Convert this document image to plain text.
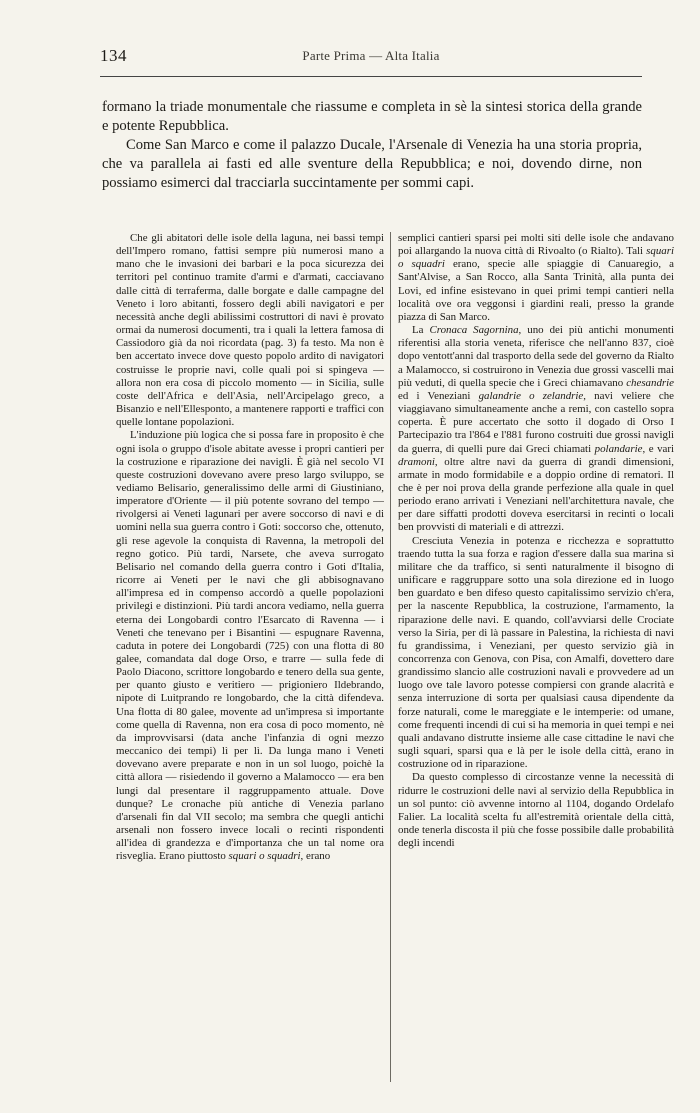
134	Parte Prima — Alta Italia

formano la triade monumentale che riassume e completa in sè la sintesi storica della grande e potente Repubblica.

Come San Marco e come il palazzo Ducale, l'Arsenale di Venezia ha una storia propria, che va parallela ai fasti ed alle sventure della Repubblica; e noi, dovendo dirne, non possiamo esimerci dal tracciarla succintamente per sommi capi.

Che gli abitatori delle isole della laguna, nei bassi tempi dell'Impero romano, fattisi sempre più numerosi mano a mano che le invasioni dei barbari e la poca sicurezza dei territori pel continuo tramite d'armi e d'armati, cacciavano dalle città di terraferma, dalle borgate e dalle campagne del Veneto i loro abitanti, fossero degli abili navigatori e per necessità anche degli abilissimi costruttori di navi è provato ormai da numerosi documenti, tra i quali la lettera famosa di Cassiodoro già da noi ricordata (pag. 3) fa testo. Ma non è ben accertato invece dove questo popolo ardito di navigatori costruisse le proprie navi, colle quali poi si spingeva — allora non era cosa di piccolo momento — in Sicilia, sulle coste dell'Africa e dell'Asia, nell'Arcipelago greco, a Bisanzio e nell'Ellesponto, a mantenere rapporti e traffici con quelle lontane popolazioni.

L'induzione più logica che si possa fare in proposito è che ogni isola o gruppo d'isole abitate avesse i propri cantieri per la costruzione e riparazione dei navigli. È già nel secolo VI queste costruzioni dovevano avere preso largo sviluppo, se vediamo Belisario, generalissimo delle armi di Giustiniano, imperatore d'Oriente — il più potente sovrano del tempo — rivolgersi ai Veneti lagunari per avere soccorso di navi e di uomini nella sua guerra contro i Goti: soccorso che, ottenuto, gli rese agevole la conquista di Ravenna, la metropoli del regno gotico. Più tardi, Narsete, che aveva surrogato Belisario nel comando della guerra contro i Goti d'Italia, ricorre ai Veneti per le navi che gli abbisognavano all'impresa ed in compenso accordò a quelle popolazioni privilegi e distinzioni. Più tardi ancora vediamo, nella guerra eterna dei Longobardi contro l'Esarcato di Ravenna — i Veneti che tenevano per i Bisantini — espugnare Ravenna, caduta in potere dei Longobardi (725) con una flotta di 80 galee, comandata dal doge Orso, e trarre — sulla fede di Paolo Diacono, scrittore longobardo e tenero della sua gente, per quanto giusto e veritiero — prigioniero Ildebrando, nipote di Luitprando re longobardo, che la città difendeva. Una flotta di 80 galee, movente ad un'impresa sì importante come quella di Ravenna, non era cosa di poco momento, nè da improvvisarsi (data anche l'infanzia di ogni mezzo meccanico dei tempi) lì per lì. Da lunga mano i Veneti dovevano avere preparate e non in un sol luogo, poichè la città allora — risiedendo il governo a Malamocco — era ben lungi dal presentare il raggruppamento attuale. Dove dunque? Le cronache più antiche di Venezia parlano d'arsenali fin dal VII secolo; ma sembra che quegli antichi arsenali non fossero invece locali o recinti rispondenti all'idea di grandezza e d'importanza che un tal nome ora risveglia. Erano piuttosto squari o squadri, erano

semplici cantieri sparsi pei molti siti delle isole che andavano poi allargando la nuova città di Rivoalto (o Rialto). Tali squari o squadri erano, specie alle spiaggie di Canuaregio, a Sant'Alvise, a San Rocco, alla Santa Trinità, alla punta dei Lovi, ed infine esistevano in quei primi tempi cantieri nella località ove ora veggonsi i giardini reali, presso la grande piazza di San Marco.

La Cronaca Sagornina, uno dei più antichi monumenti riferentisi alla storia veneta, riferisce che nell'anno 837, cioè dopo ventott'anni dal trasporto della sede del governo da Rialto a Malamocco, si costruirono in Venezia due grossi vascelli mai più veduti, di quella specie che i Greci chiamavano chesandrie ed i Veneziani galandrie o zelandrie, navi veliere che viaggiavano simultaneamente anche a remi, con castello sopra coperta. È pure accertato che sotto il dogado di Orso I Partecipazio tra l'864 e l'881 furono costruiti due grossi navigli da guerra, di quelli pure dai Greci chiamati polandarie, e vari dramoni, oltre altre navi da guerra di grandi dimensioni, armate in modo formidabile e a doppio ordine di rematori. Il che è per noi prova della grande perfezione alla quale in quel periodo erano arrivati i Veneziani nell'architettura navale, che per dare siffatti prodotti doveva esercitarsi in recinti o locali ben provvisti di materiali e di attrezzi.

Cresciuta Venezia in potenza e ricchezza e soprattutto traendo tutta la sua forza e ragion d'essere dalla sua marina sì militare che da traffico, si sentì naturalmente il bisogno di unificare e raggruppare sotto una sola direzione ed in luogo ben guardato e ben difeso questo capitalissimo servizio ch'era, per la nascente Repubblica, la costruzione, l'armamento, la riparazione delle navi. E quando, coll'avviarsi delle Crociate verso la Siria, per di là passare in Palestina, la richiesta di navi fu grandissima, i Veneziani, per questo servizio già in concorrenza con Genova, con Pisa, con Amalfi, dovettero dare grandissimo slancio alle costruzioni navali e provvedere ad un luogo ove tale lavoro potesse compiersi con grande alacrità e senza interruzione di sorta per qualsiasi causa dipendente da forze naturali, come le mareggiate e le intemperie: od umane, come frequenti incendi di cui si ha memoria in quei tempi e nei quali andavano distrutte insieme alle case cittadine le navi che sugli squari, sparsi qua e là per le isole della città, erano in costruzione od in riparazione.

Da questo complesso di circostanze venne la necessità di ridurre le costruzioni delle navi al servizio della Repubblica in un sol punto: ciò avvenne intorno al 1104, dogando Ordelafo Falier. La località scelta fu all'estremità orientale della città, onde tenerla discosta il più che fosse possibile dalle probabilità degli incendi
